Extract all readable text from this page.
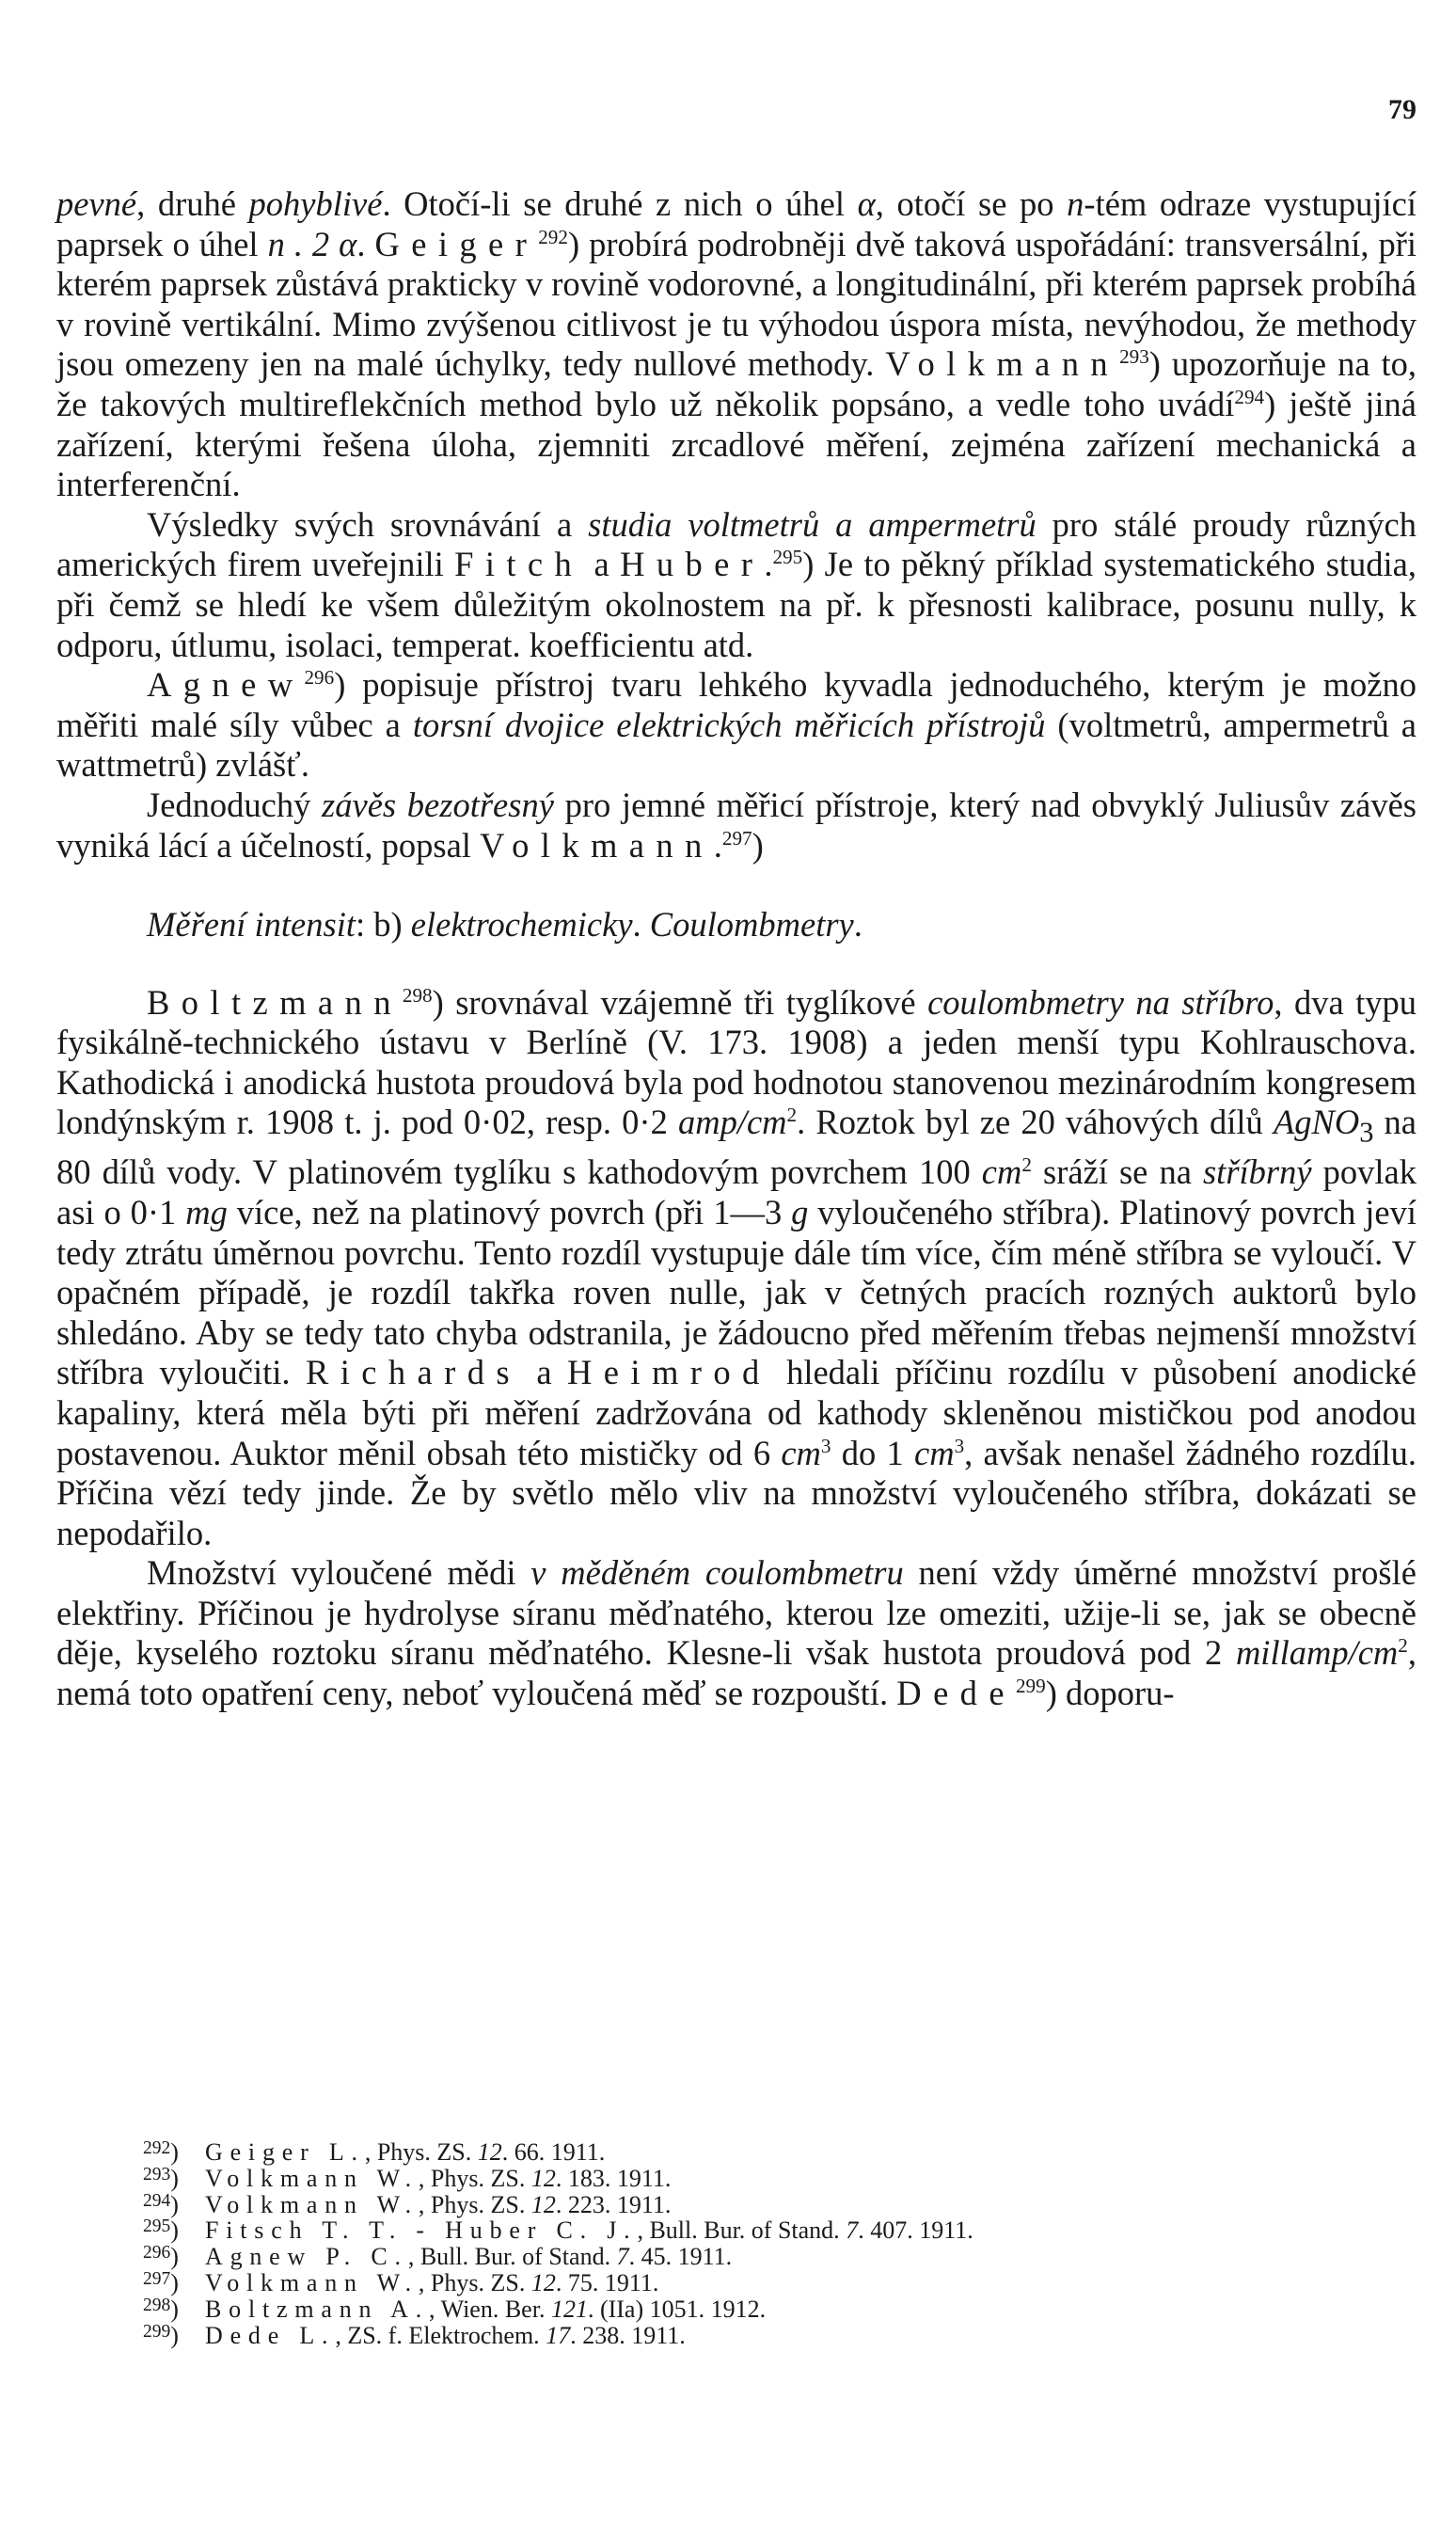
79

pevné, druhé pohyblivé. Otočí-li se druhé z nich o úhel α, otočí se po n-tém odraze vystupující paprsek o úhel n . 2 α. Geiger$^{292}$) probírá podrobněji dvě taková uspořádání: transversální, při kterém paprsek zůstává prakticky v rovině vodorovné, a longitudinální, při kterém paprsek probíhá v rovině vertikální. Mimo zvýšenou citlivost je tu výhodou úspora místa, nevýhodou, že methody jsou omezeny jen na malé úchylky, tedy nullové methody. Volkmann$^{293}$) upozorňuje na to, že takových multireflekčních method bylo už několik popsáno, a vedle toho uvádí$^{294}$) ještě jiná zařízení, kterými řešena úloha, zjemniti zrcadlové měření, zejména zařízení mechanická a interferenční.

Výsledky svých srovnávání a studia voltmetrů a ampermetrů pro stálé proudy různých amerických firem uveřejnili Fitch a Huber.$^{295}$) Je to pěkný příklad systematického studia, při čemž se hledí ke všem důležitým okolnostem na př. k přesnosti kalibrace, posunu nully, k odporu, útlumu, isolaci, temperat. koefficientu atd.

Agnew$^{296}$) popisuje přístroj tvaru lehkého kyvadla jednoduchého, kterým je možno měřiti malé síly vůbec a torsní dvojice elektrických měřicích přístrojů (voltmetrů, ampermetrů a wattmetrů) zvlášť.

Jednoduchý závěs bezotřesný pro jemné měřicí přístroje, který nad obvyklý Juliusův závěs vyniká lácí a účelností, popsal Volkmann.$^{297}$)

Měření intensit: b) elektrochemicky. Coulombmetry.

Boltzmann$^{298}$) srovnával vzájemně tři tyglíkové coulombmetry na stříbro, dva typu fysikálně-technického ústavu v Berlíně (V. 173. 1908) a jeden menší typu Kohlrauschova. Kathodická i anodická hustota proudová byla pod hodnotou stanovenou mezinárodním kongresem londýnským r. 1908 t. j. pod 0·02, resp. 0·2 amp/$cm^2$. Roztok byl ze 20 váhových dílů AgNO$_3$ na 80 dílů vody. V platinovém tyglíku s kathodovým povrchem 100 $cm^2$ sráží se na stříbrný povlak asi o 0·1 mg více, než na platinový povrch (při 1—3 g vyloučeného stříbra). Platinový povrch jeví tedy ztrátu úměrnou povrchu. Tento rozdíl vystupuje dále tím více, čím méně stříbra se vyloučí. V opačném případě, je rozdíl takřka roven nulle, jak v četných pracích rozných auktorů bylo shledáno. Aby se tedy tato chyba odstranila, je žádoucno před měřením třebas nejmenší množství stříbra vyloučiti. Richards a Heimrod hledali příčinu rozdílu v působení anodické kapaliny, která měla býti při měření zadržována od kathody skleněnou mističkou pod anodou postavenou. Auktor měnil obsah této mističky od 6 $cm^3$ do 1 $cm^3$, avšak nenašel žádného rozdílu. Příčina vězí tedy jinde. Že by světlo mělo vliv na množství vyloučeného stříbra, dokázati se nepodařilo.

Množství vyloučené mědi v měděném coulombmetru není vždy úměrné množství prošlé elektřiny. Příčinou je hydrolyse síranu měďnatého, kterou lze omeziti, užije-li se, jak se obecně děje, kyselého roztoku síranu měďnatého. Klesne-li však hustota proudová pod 2 millamp/$cm^2$, nemá toto opatření ceny, neboť vyloučená měď se rozpouští. Dede$^{299}$) doporu-

$^{292}$) Geiger L., Phys. ZS. 12. 66. 1911.
$^{293}$) Volkmann W., Phys. ZS. 12. 183. 1911.
$^{294}$) Volkmann W., Phys. ZS. 12. 223. 1911.
$^{295}$) Fitsch T. T. - Huber C. J., Bull. Bur. of Stand. 7. 407. 1911.
$^{296}$) Agnew P. C., Bull. Bur. of Stand. 7. 45. 1911.
$^{297}$) Volkmann W., Phys. ZS. 12. 75. 1911.
$^{298}$) Boltzmann A., Wien. Ber. 121. (IIa) 1051. 1912.
$^{299}$) Dede L., ZS. f. Elektrochem. 17. 238. 1911.
